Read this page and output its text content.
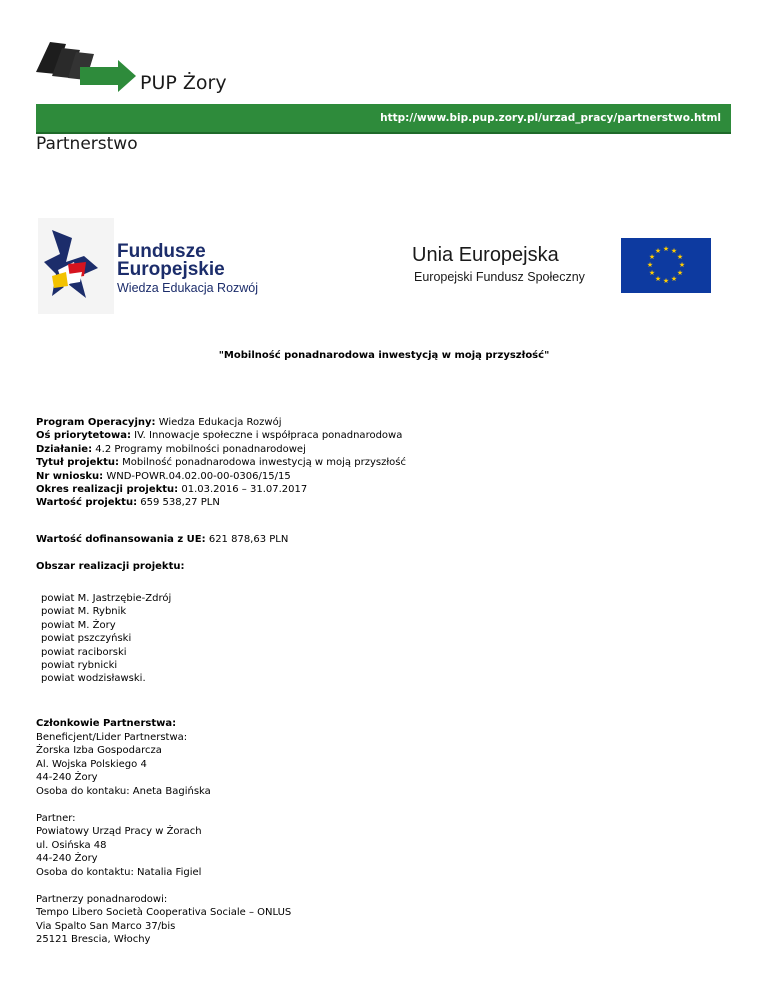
PUP Żory
http://www.bip.pup.zory.pl/urzad_pracy/partnerstwo.html
Partnerstwo
Fundusze
Europejskie
Wiedza Edukacja Rozwój
Unia Europejska
Europejski Fundusz Społeczny
★ ★
★
★
★
★
★
★
★
★
★
★
"Mobilność ponadnarodowa inwestycją w moją przyszłość"
Program Operacyjny: Wiedza Edukacja Rozwój
Oś priorytetowa: IV. Innowacje społeczne i współpraca ponadnarodowa
Działanie: 4.2 Programy mobilności ponadnarodowej
Tytuł projektu: Mobilność ponadnarodowa inwestycją w moją przyszłość
Nr wniosku: WND-POWR.04.02.00-00-0306/15/15
Okres realizacji projektu: 01.03.2016 – 31.07.2017
Wartość projektu: 659 538,27 PLN
Wartość dofinansowania z UE: 621 878,63 PLN
Obszar realizacji projektu:
powiat M. Jastrzębie-Zdrój
powiat M. Rybnik
powiat M. Żory
powiat pszczyński
powiat raciborski
powiat rybnicki
powiat wodzisławski.
Członkowie Partnerstwa:
Beneficjent/Lider Partnerstwa:
Żorska Izba Gospodarcza
Al. Wojska Polskiego 4
44-240 Żory
Osoba do kontaku: Aneta Bagińska
Partner:
Powiatowy Urząd Pracy w Żorach
ul. Osińska 48
44-240 Żory
Osoba do kontaktu: Natalia Figiel
Partnerzy ponadnarodowi:
Tempo Libero Società Cooperativa Sociale – ONLUS
Via Spalto San Marco 37/bis
25121 Brescia, Włochy
